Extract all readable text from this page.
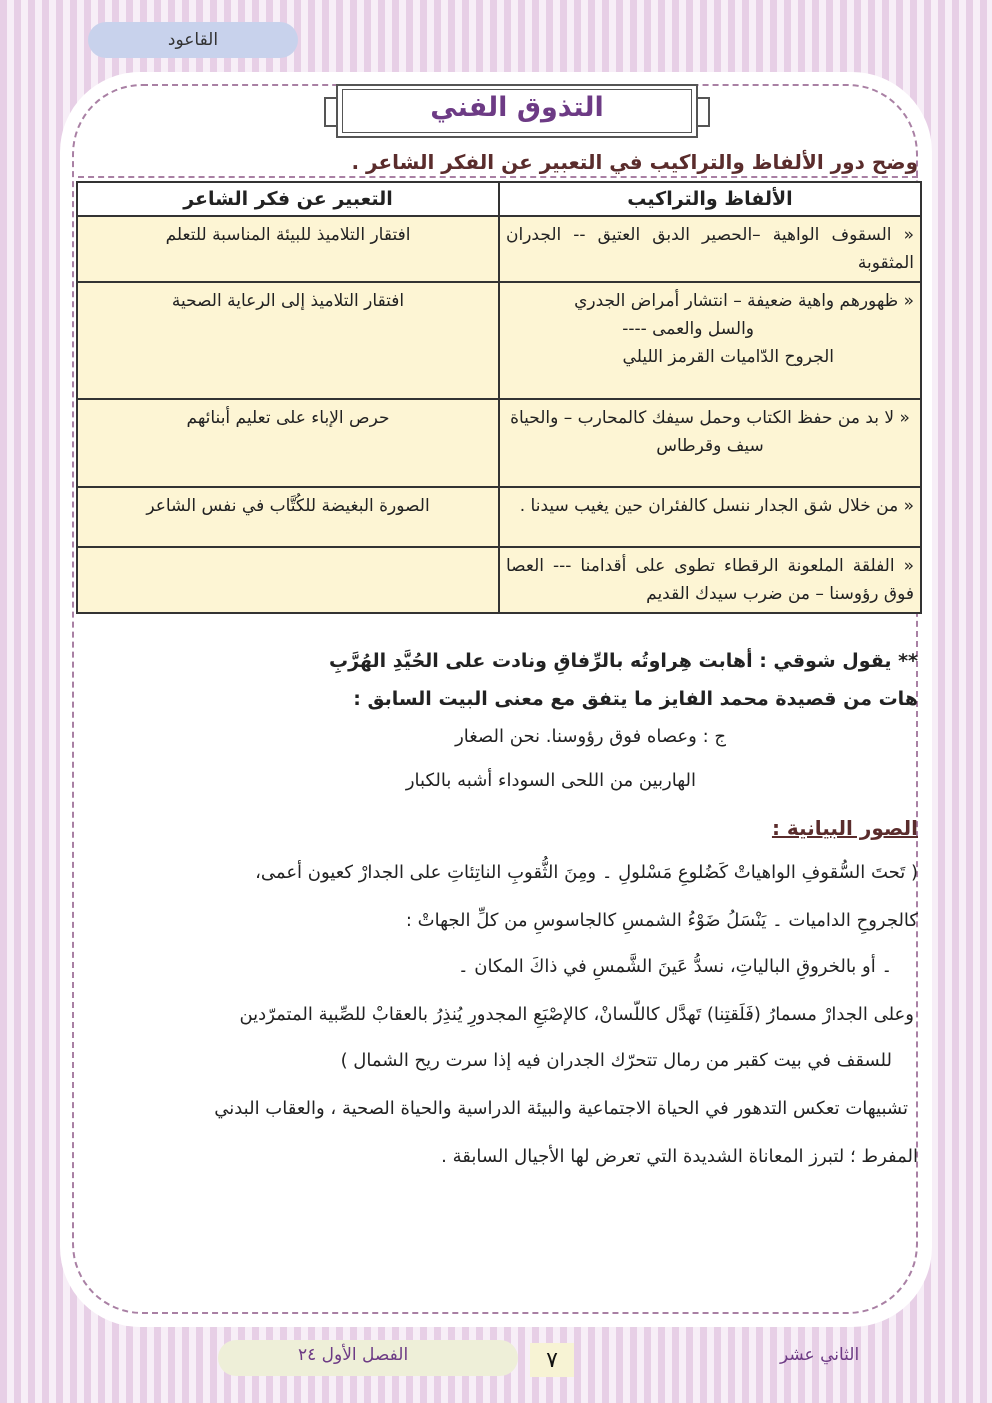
القاعود
التذوق الفني
وضح دور الألفاظ والتراكيب في التعبير عن الفكر الشاعر .
الألفاظ والتراكيب	التعبير عن فكر الشاعر
« السقوف الواهية –الحصير الدبق العتيق -- الجدران المثقوبة	افتقار التلاميذ للبيئة المناسبة للتعلم

« ظهورهم واهية ضعيفة – انتشار أمراض الجدري
والسل والعمى ----
الجروح الدّاميات القرمز الليلي	افتقار التلاميذ إلى الرعاية الصحية
« لا بد من حفظ الكتاب وحمل سيفك كالمحارب – والحياة سيف وقرطاس	حرص الإباء على تعليم أبنائهم
« من خلال شق الجدار ننسل كالفئران حين يغيب سيدنا .	الصورة البغيضة للكُتَّاب في نفس الشاعر
« الفلقة الملعونة الرقطاء تطوى على أقدامنا --- العصا فوق رؤوسنا – من ضرب سيدك القديم	
** يقول شوقي : أهابت هِراوتُه بالرِّفاقِ ونادت على الحُيَّدِ الهُرَّبِ
هات من قصيدة محمد الفايز ما يتفق مع معنى البيت السابق :
ج : وعصاه فوق رؤوسنا. نحن الصغار
الهاربين من اللحى السوداء أشبه بالكبار
الصور البيانية :
( تَحتَ السُّقوفِ الواهياتْ كَضُلوعِ مَسْلولِ ۔ ومِنَ الثُّقوبِ الناتِئاتِ على الجدارْ كعيون أعمى،
كالجروحِ الداميات ۔ يَنْسَلُ ضَوْءُ الشمسِ كالجاسوسِ من كلِّ الجهاتْ :
۔ أو بالخروقِ البالياتِ، نسدُّ عَينَ الشَّمسِ في ذاكَ المكان ۔
وعلى الجدارْ مسمارُ (فَلَقتِنا) تَهدَّل كاللّسانْ، كالإصْبَعِ المجدورِ يُنذِرُ بالعقابْ للصِّبية المتمرّدين
للسقف في بيت كقبر من رمال تتحرّك الجدران فيه إذا سرت ريح الشمال )
تشبيهات تعكس التدهور في الحياة الاجتماعية والبيئة الدراسية والحياة الصحية ، والعقاب البدني
المفرط ؛ لتبرز المعاناة الشديدة التي تعرض لها الأجيال السابقة .
الفصل الأول ٢٤	٧	الثاني عشر
